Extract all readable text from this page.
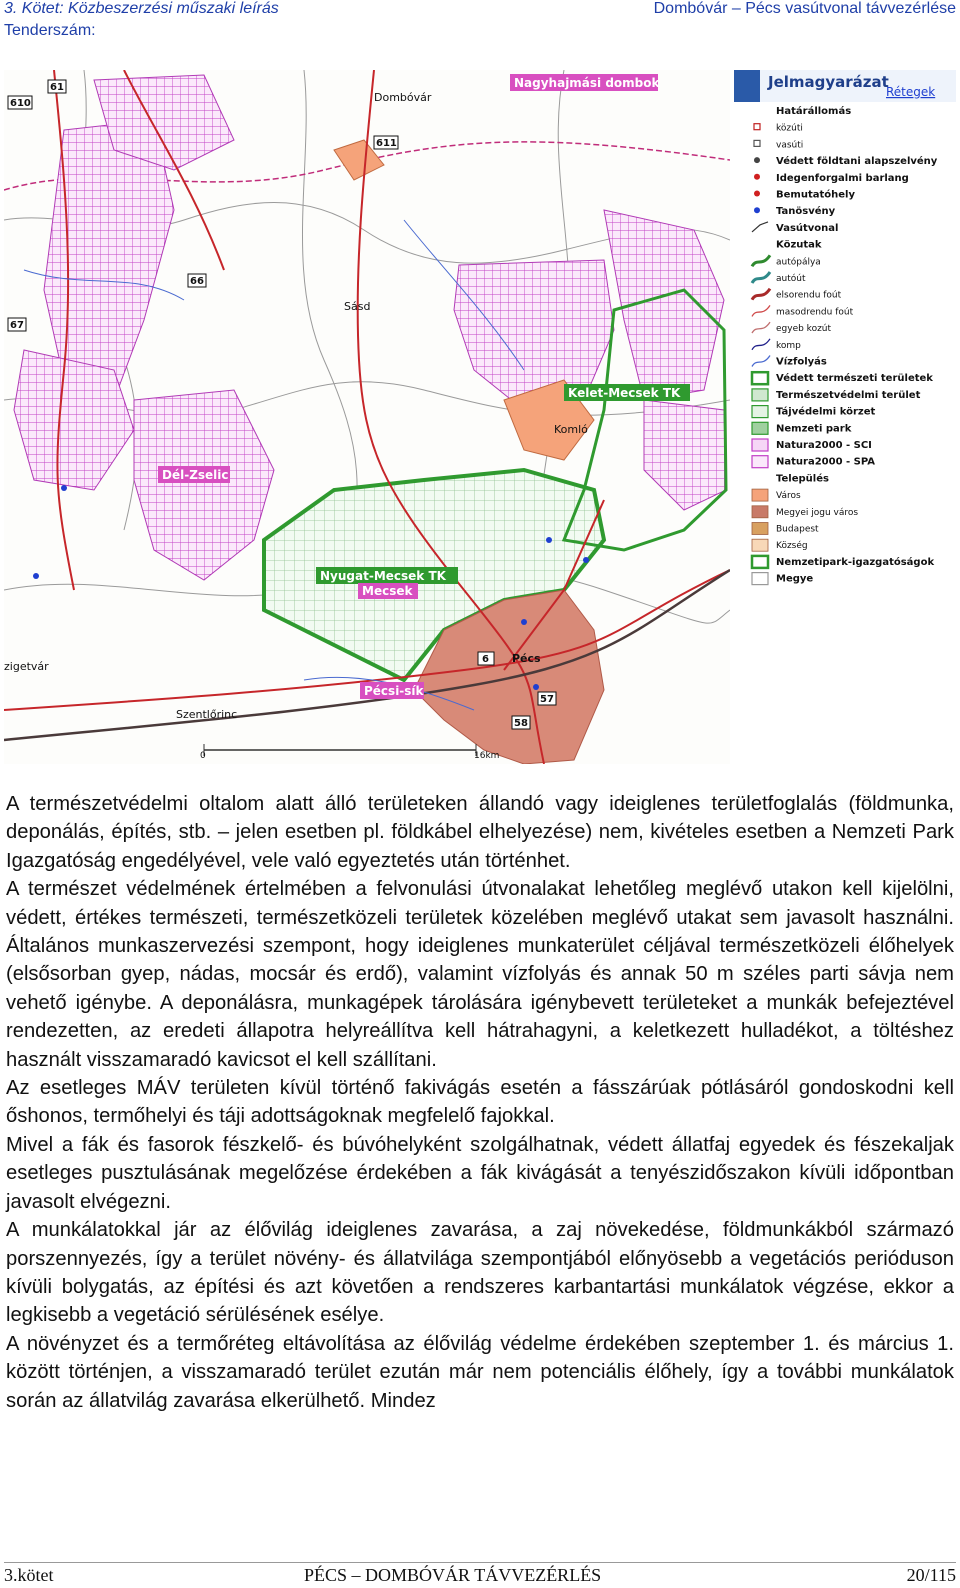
3. Kötet: Közbeszerzési műszaki leírás
Tenderszám:
Dombóvár – Pécs vasútvonal távvezérlése
Dombóvár
Sásd
Komló
zigetvár
Szentlőrinc
Pécs
Nagyhajmási dombok
Kelet-Mecsek TK
Dél-Zselic
Nyugat-Mecsek TK
Mecsek
Pécsi-sík
61
610
611
66
67
6
57
58
0	16km
Jelmagyarázat
Rétegek
Határállomás
közúti
vasúti
Védett földtani alapszelvény
Idegenforgalmi barlang
Bemutatóhely
Tanösvény
Vasútvonal
Közutak
autópálya
autóút
elsorendu foút
masodrendu foút
egyeb kozút
komp
Vízfolyás
Védett természeti területek
Természetvédelmi terület
Tájvédelmi körzet
Nemzeti park
Natura2000 - SCI
Natura2000 - SPA
Település
Város
Megyei jogu város
Budapest
Község
Nemzetipark-igazgatóságok
Megye

A természetvédelmi oltalom alatt álló területeken állandó vagy ideiglenes területfoglalás (földmunka, deponálás, építés, stb. – jelen esetben pl. földkábel elhelyezése) nem, kivételes esetben a Nemzeti Park Igazgatóság engedélyével, vele való egyeztetés után történhet.

A természet védelmének értelmében a felvonulási útvonalakat lehetőleg meglévő utakon kell kijelölni, védett, értékes természeti, természetközeli területek közelében meglévő utakat sem javasolt használni. Általános munkaszervezési szempont, hogy ideiglenes munkaterület céljával természetközeli élőhelyek (elsősorban gyep, nádas, mocsár és erdő), valamint vízfolyás és annak 50 m széles parti sávja nem vehető igénybe. A deponálásra, munkagépek tárolására igénybevett területeket a munkák befejeztével rendezetten, az eredeti állapotra helyreállítva kell hátrahagyni, a keletkezett hulladékot, a töltéshez használt visszamaradó kavicsot el kell szállítani.

Az esetleges MÁV területen kívül történő fakivágás esetén a fásszárúak pótlásáról gondoskodni kell őshonos, termőhelyi és táji adottságoknak megfelelő fajokkal.

Mivel a fák és fasorok fészkelő- és búvóhelyként szolgálhatnak, védett állatfaj egyedek és fészekaljak esetleges pusztulásának megelőzése érdekében a fák kivágását a tenyészidőszakon kívüli időpontban javasolt elvégezni.

A munkálatokkal jár az élővilág ideiglenes zavarása, a zaj növekedése, földmunkákból származó porszennyezés, így a terület növény- és állatvilága szempontjából előnyösebb a vegetációs perióduson kívüli bolygatás, az építési és azt követően a rendszeres karbantartási munkálatok végzése, ekkor a legkisebb a vegetáció sérülésének esélye.

A növényzet és a termőréteg eltávolítása az élővilág védelme érdekében szeptember 1. és március 1. között történjen, a visszamaradó terület ezután már nem potenciális élőhely, így a további munkálatok során az állatvilág zavarása elkerülhető. Mindez

3.kötet	PÉCS – DOMBÓVÁR TÁVVEZÉRLÉS	20/115
